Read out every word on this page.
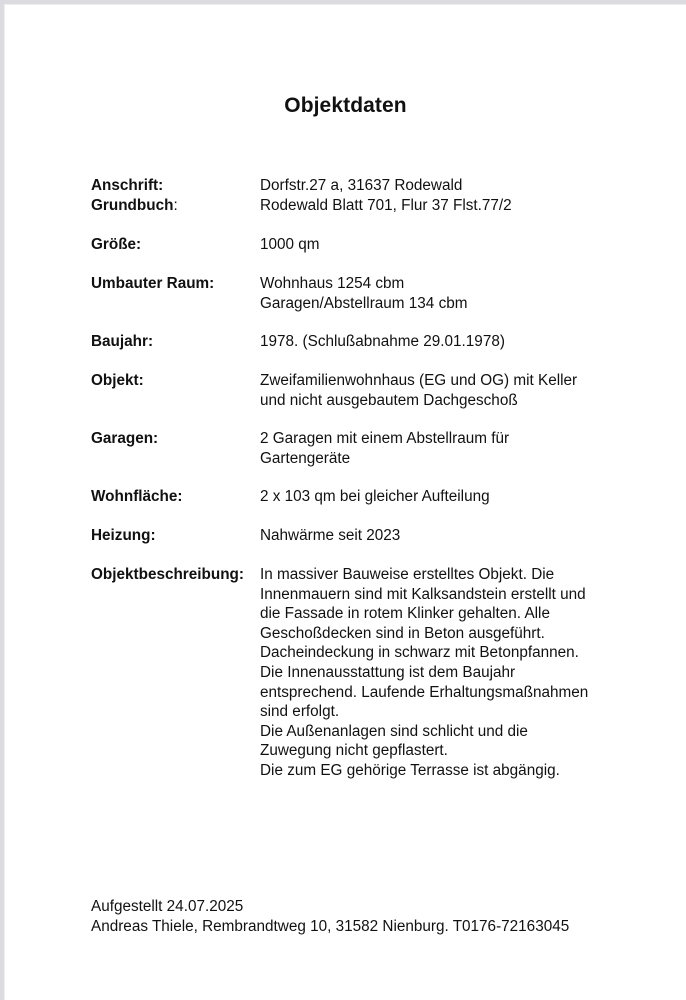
Objektdaten
Anschrift:	Dorfstr.27 a, 31637 Rodewald
Grundbuch:	Rodewald Blatt 701, Flur 37 Flst.77/2
Größe:	1000 qm
Umbauter Raum:	Wohnhaus 1254 cbm
Garagen/Abstellraum 134 cbm
Baujahr:	1978. (Schlußabnahme 29.01.1978)
Objekt:	Zweifamilienwohnhaus (EG und OG) mit Keller
und nicht ausgebautem Dachgeschoß
Garagen:	2 Garagen mit einem Abstellraum für
Gartengeräte
Wohnfläche:	2 x 103 qm bei gleicher Aufteilung
Heizung:	Nahwärme seit 2023
Objektbeschreibung: In massiver Bauweise erstelltes Objekt. Die
Innenmauern sind mit Kalksandstein erstellt und
die Fassade in rotem Klinker gehalten. Alle
Geschoßdecken sind in Beton ausgeführt.
Dacheindeckung in schwarz mit Betonpfannen.
Die Innenausstattung ist dem Baujahr
entsprechend. Laufende Erhaltungsmaßnahmen
sind erfolgt.
Die Außenanlagen sind schlicht und die
Zuwegung nicht gepflastert.
Die zum EG gehörige Terrasse ist abgängig.
Aufgestellt 24.07.2025
Andreas Thiele, Rembrandtweg 10, 31582 Nienburg. T0176-72163045
